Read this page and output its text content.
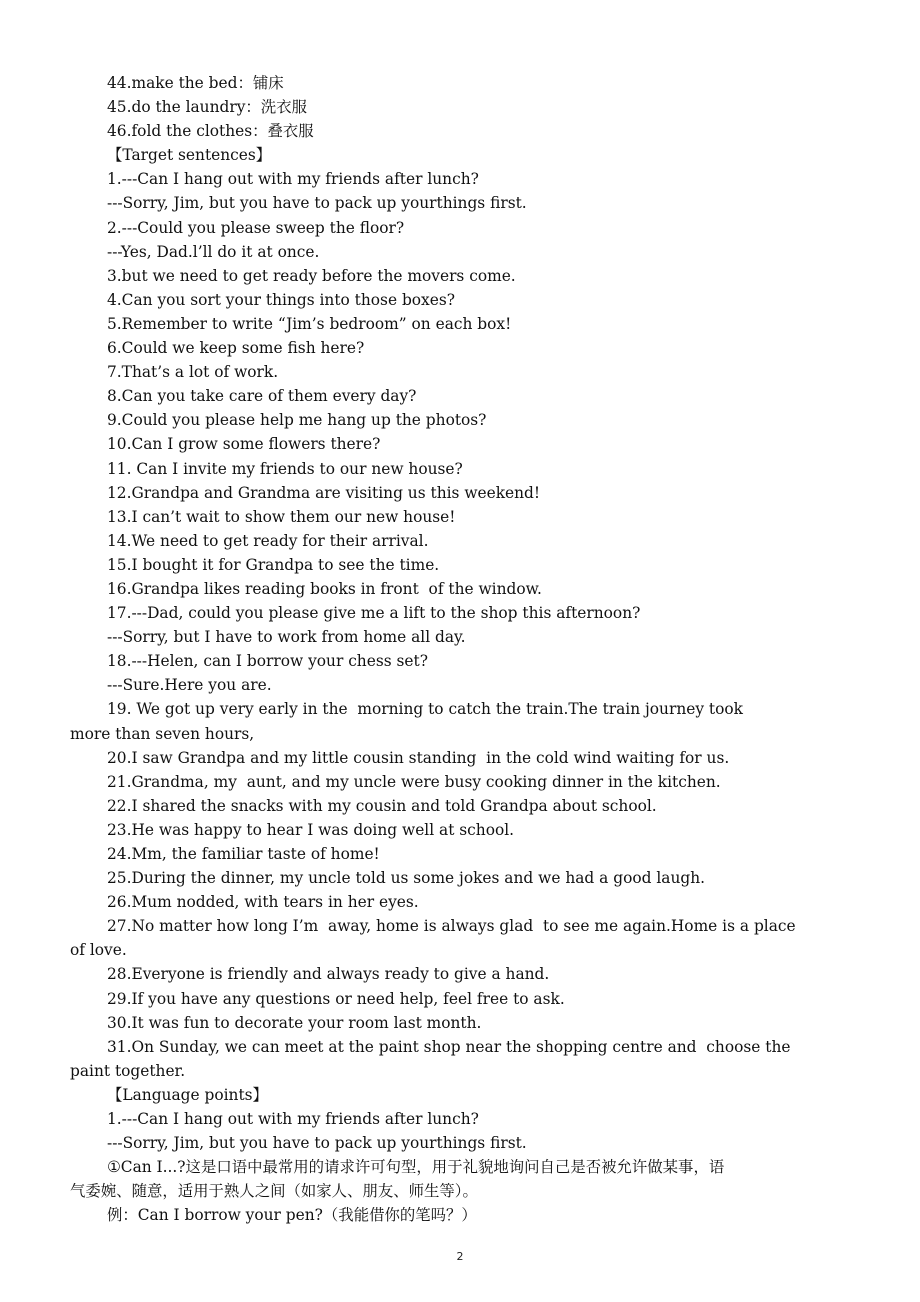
44.make the bed：铺床

45.do the laundry：洗衣服

46.fold the clothes：叠衣服

【Target sentences】

1.---Can I hang out with my friends after lunch?

---Sorry, Jim, but you have to pack up yourthings first.

2.---Could you please sweep the floor?

---Yes, Dad.l’ll do it at once.

3.but we need to get ready before the movers come.

4.Can you sort your things into those boxes?

5.Remember to write “Jim’s bedroom” on each box!

6.Could we keep some fish here?

7.That’s a lot of work.

8.Can you take care of them every day?

9.Could you please help me hang up the photos?

10.Can I grow some flowers there?

11. Can I invite my friends to our new house?

12.Grandpa and Grandma are visiting us this weekend!

13.I can’t wait to show them our new house!

14.We need to get ready for their arrival.

15.I bought it for Grandpa to see the time.

16.Grandpa likes reading books in front  of the window.

17.---Dad, could you please give me a lift to the shop this afternoon?

---Sorry, but I have to work from home all day.

18.---Helen, can I borrow your chess set?

---Sure.Here you are.

19. We got up very early in the  morning to catch the train.The train journey took

more than seven hours,

20.I saw Grandpa and my little cousin standing  in the cold wind waiting for us.

21.Grandma, my  aunt, and my uncle were busy cooking dinner in the kitchen.

22.I shared the snacks with my cousin and told Grandpa about school.

23.He was happy to hear I was doing well at school.

24.Mm, the familiar taste of home!

25.During the dinner, my uncle told us some jokes and we had a good laugh.

26.Mum nodded, with tears in her eyes.

27.No matter how long I’m  away, home is always glad  to see me again.Home is a place

of love.

28.Everyone is friendly and always ready to give a hand.

29.If you have any questions or need help, feel free to ask.

30.It was fun to decorate your room last month.

31.On Sunday, we can meet at the paint shop near the shopping centre and  choose the

paint together.

【Language points】

1.---Can I hang out with my friends after lunch?

---Sorry, Jim, but you have to pack up yourthings first.

①Can I...?这是口语中最常用的请求许可句型，用于礼貌地询问自己是否被允许做某事，语

气委婉、随意，适用于熟人之间（如家人、朋友、师生等）。

例：Can I borrow your pen?（我能借你的笔吗？）

2
